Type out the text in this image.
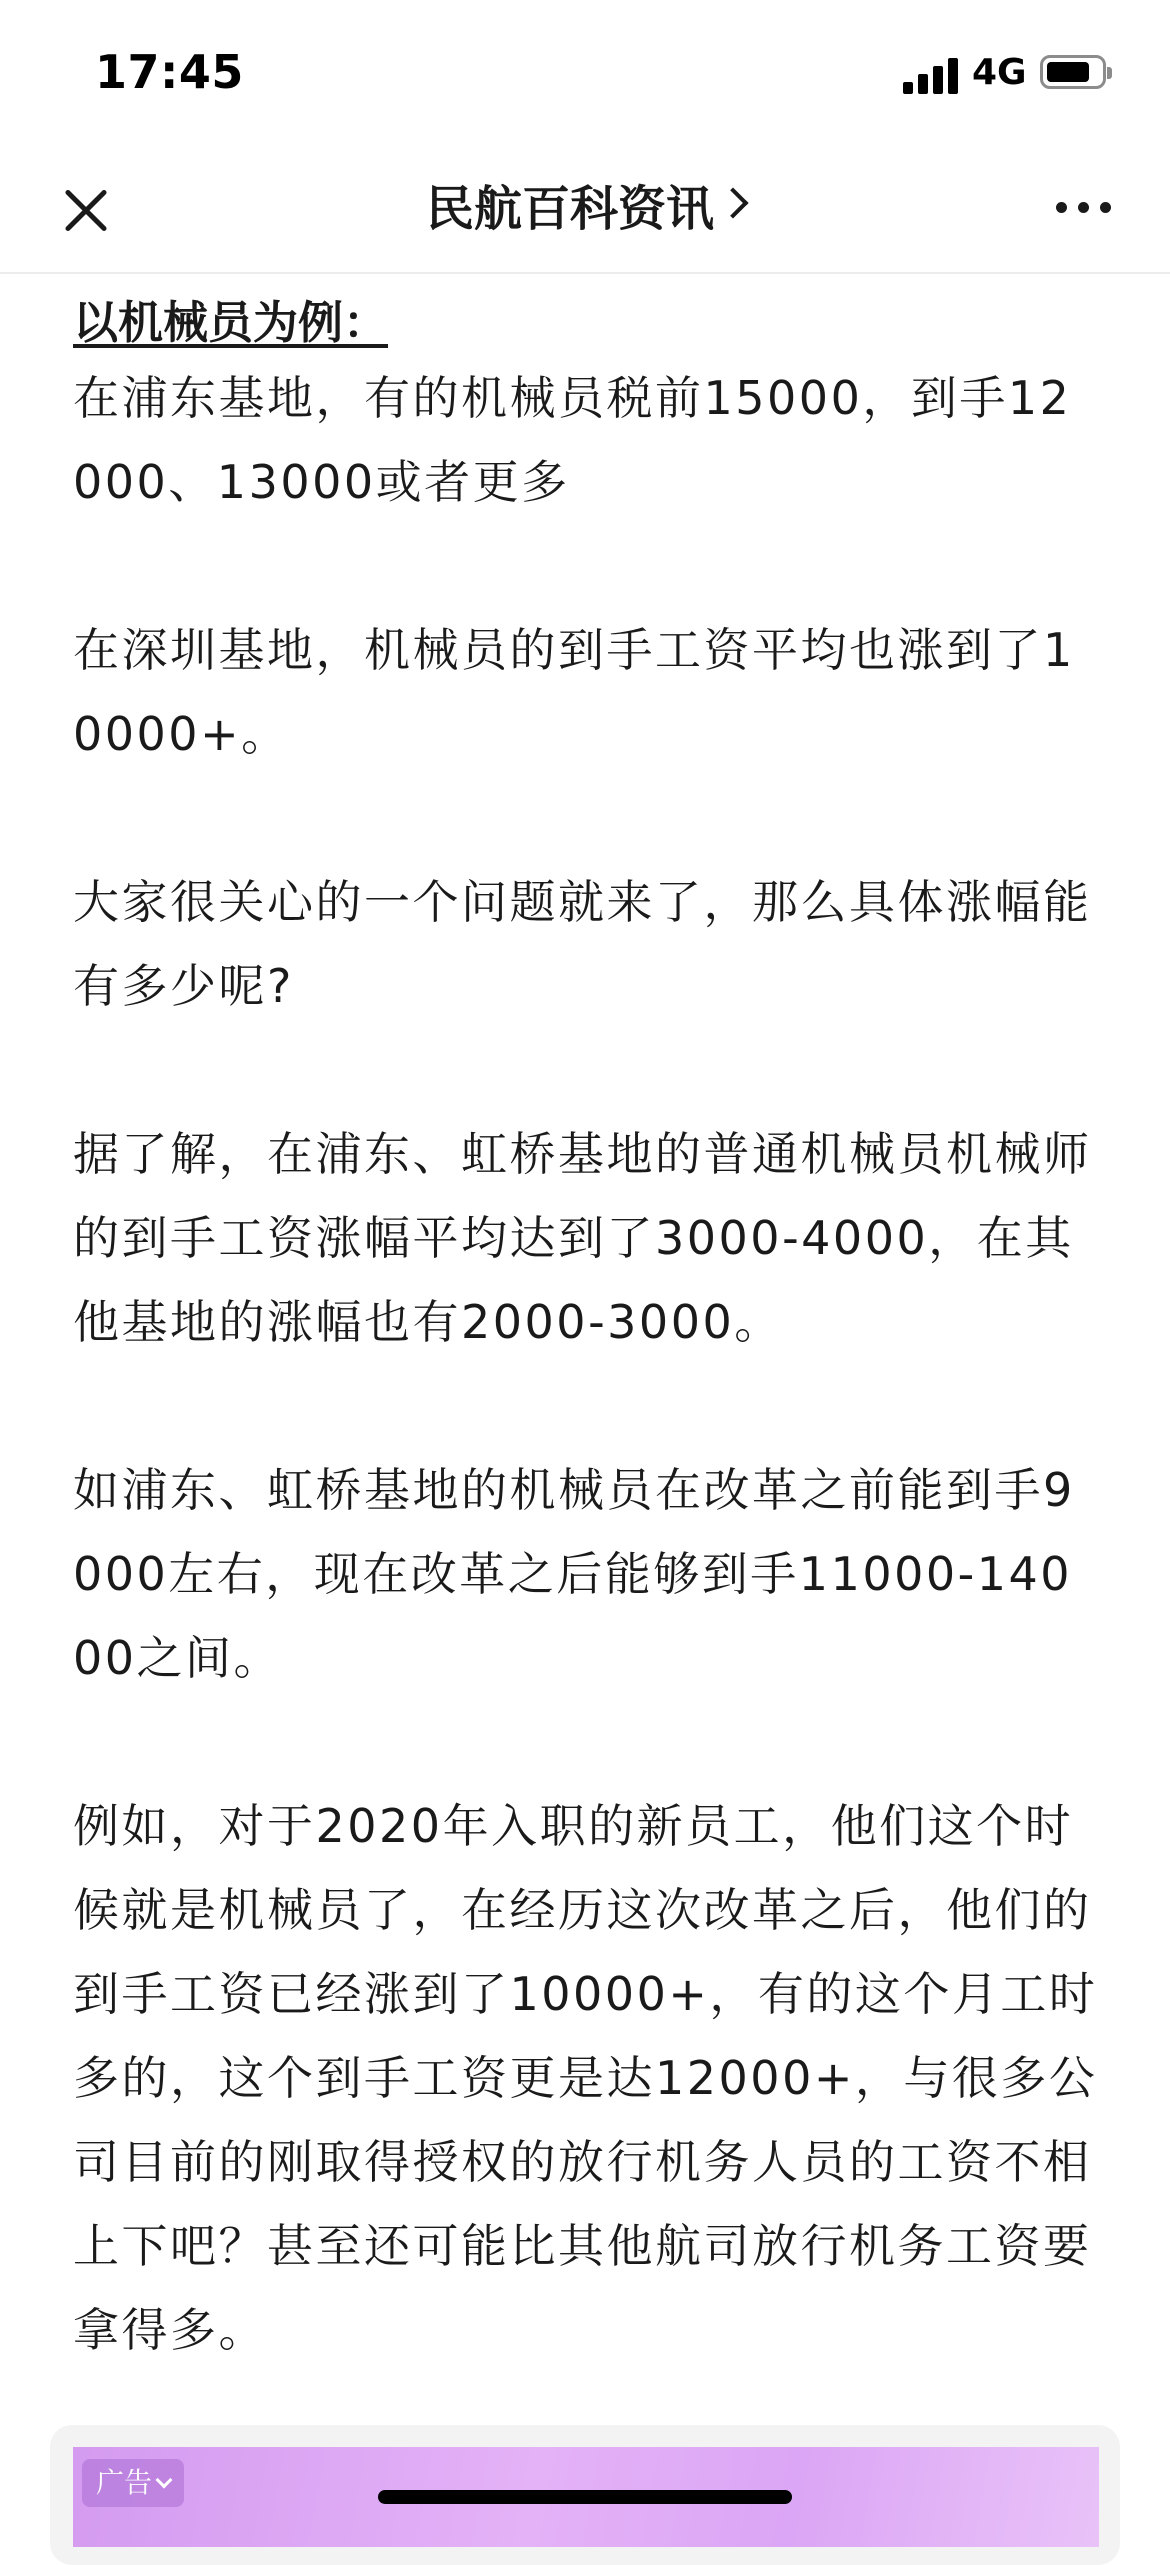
17:45	4G
民航百科资讯

以机械员为例：

在浦东基地，有的机械员税前15000，到手12000、13000或者更多

在深圳基地，机械员的到手工资平均也涨到了10000+。

大家很关心的一个问题就来了，那么具体涨幅能有多少呢?

据了解，在浦东、虹桥基地的普通机械员机械师的到手工资涨幅平均达到了3000-4000，在其他基地的涨幅也有2000-3000。

如浦东、虹桥基地的机械员在改革之前能到手9000左右，现在改革之后能够到手11000-14000之间。

例如，对于2020年入职的新员工，他们这个时候就是机械员了，在经历这次改革之后，他们的到手工资已经涨到了10000+，有的这个月工时多的，这个到手工资更是达12000+，与很多公司目前的刚取得授权的放行机务人员的工资不相上下吧？甚至还可能比其他航司放行机务工资要拿得多。

广告
